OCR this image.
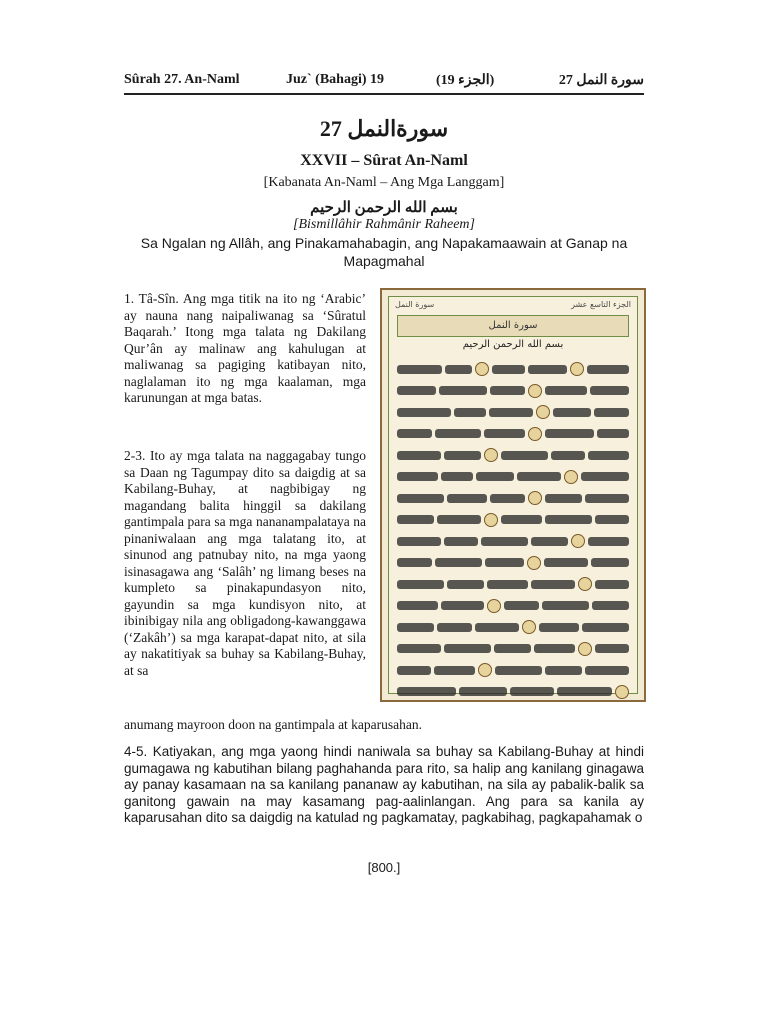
Sûrah 27. An-Naml	Juz` (Bahagi) 19	(الجزء 19)	27 سورة النمل
سورةالنمل 27
XXVII – Sûrat An-Naml
[Kabanata An-Naml – Ang Mga Langgam]
بسم الله الرحمن الرحيم
[Bismillâhir Rahmânir Raheem]
Sa Ngalan ng Allâh, ang Pinakamahabagin, ang Napakamaawain at Ganap na Mapagmahal
1. Tâ-Sîn. Ang mga titik na ito ng ‘Arabic’ ay nauna nang naipaliwanag sa ‘Sûratul Baqarah.’ Itong mga talata ng Dakilang Qur’ân ay malinaw ang kahulugan at maliwanag sa pagiging katibayan nito, naglalaman ito ng mga kaalaman, mga karunungan at mga batas.
2-3. Ito ay mga talata na naggagabay tungo sa Daan ng Tagumpay dito sa daigdig at sa Kabilang-Buhay, at nagbibigay ng magandang balita hinggil sa dakilang gantimpala para sa mga nananampalataya na pinaniwalaan ang mga talatang ito, at sinunod ang patnubay nito, na mga yaong isinasagawa ang ‘Salâh’ ng limang beses na kumpleto sa pinakapundasyon nito, gayundin sa mga kundisyon nito, at ibinibigay nila ang obligadong-kawanggawa (‘Zakâh’) sa mga karapat-dapat nito, at sila ay nakatitiyak sa buhay sa Kabilang-Buhay, at sa
anumang mayroon doon na gantimpala at kaparusahan.
4-5. Katiyakan, ang mga yaong hindi naniwala sa buhay sa Kabilang-Buhay at hindi gumagawa ng kabutihan bilang paghahanda para rito, sa halip ang kanilang ginagawa ay panay kasamaan na sa kanilang pananaw ay kabutihan, na sila ay pabalik-balik sa ganitong gawain na may kasamang pag-aalinlangan. Ang para sa kanila ay kaparusahan dito sa daigdig na katulad ng pagkamatay, pagkabihag, pagkapahamak o
سورة النمل	الجزء التاسع عشر
سورة النمل
بسم الله الرحمن الرحيم
[800.]
